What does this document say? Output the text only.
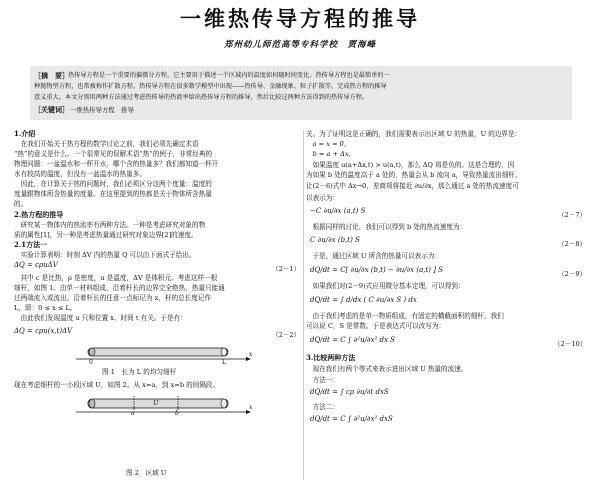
一维热传导方程的推导
郑州幼儿师范高等专科学校　贾海峰
［摘　要］ 热传导方程是一个重要的偏微分方程，它主要用于描述一个区域内的温度如何随时间变化。热传导方程也是最简单的一
种抛物型方程，也常被称作扩散方程。热传导方程在很多数学模型中出现——热传导、金融现象、粒子扩散等。完成热方程的推导
意义重大。本文分别用两种方法通过考虑热传导的热流率给出热传导方程的推导，然后比较这两种方法得到的热传导方程。
［关键词］ 一维热传导方程　推导
1.介绍
　在我们开始关于热方程的数学讨论之前，我们必须先确定术语
“热”的意义是什么。一个很常见的误解术语“热”的例子，非常经典的
物理问题：一盆温水和一杯开水，哪个含的热量多？我们都知道一杯开
水有较高的温度，但没有一盆温水的热量多。
　因此，在计算关于热的问题时，我们必须区分这两个度量：温度的
度量跟物体所含热量的度量。在这里提到的热都是关于物体所含热量
的。
2.热方程的推导
　研究某一物体内的热流率有两种方法。一种是考虑研究对象的物
质的属性[1]，另一种是考虑热量通过研究对象边界[2]的速度。
2.1方法一
　实验计算表明：时刻 ΔV 内的热量 Q 可以由下面式子给出。
ΔQ = cρuΔV	（2－1）
　其中 c 是比热，ρ 是密度，u 是温度，ΔV 是体积元。考虑这样一根
细杆，如图 1。由单一材料组成，沿着杆长的边界完全绝热，热量只能通
过两端流入或流出。沿着杆长的任意一点标记为 x，杆的总长度记作
L，即：0 ≤ x ≤ L。
　由此我们发现温度 u 只和位置 x、时间 t 有关。于是有：
ΔQ = cρu(x,t)ΔV	（2－2）
0	L
x
图 1　长为 L 的均匀细杆
现在考虑细杆的一小段区域 U，如图 2。从 x=a，到 x=b 的间隔段。
a	b
U
x
图 2　区域 U
关。为了证明这是正确的，我们需要表示出区域 U 的热量，U 的边界是：
　a = x = 0，
　b = a + Δx，
　如果温度 u(a+Δx,t) > u(a,t)，那么 ΔQ 将是负的。这是合理的，因
为如果 b 处的温度高于 a 处的，热量会从 b 流向 a，导致热量流出细杆。
让(2－6)式中 Δx→0，差商项将接近 ∂u/∂x，那么通过 a 处的热流速度可
以表示为：
−C ∂u/∂x (a,t) S	（2－7）
　根据同样的讨论，我们可以得到 b 处的热流速度为：
C ∂u/∂x (b,t) S	（2－8）
　于是，通过区域 U 所含的热量可以表示为：
dQ/dt = C[ ∂u/∂x (b,t) − ∂u/∂x (a,t) ] S	（2－9）
　如果我们对(2－9)式应用微分基本定理，可以得到：
dQ/dt = ∫ d/dx ( C ∂u/∂x S ) dx
　由于我们考虑的是单一物质组成，有固定的横截面积的细杆，我们
可以说 C，S 是常数。于是表达式可以改写为：
dQ/dt = C ∫ ∂²u/∂x² dx S	（2－10）
3.比较两种方法
　现在我们有两个等式来表示进出区域 U 热量的流速。
　方法一：
dQ/dt = ∫ cρ ∂u/∂t dxS
　方法二：
dQ/dt = C ∫ ∂²u/∂x² dxS
